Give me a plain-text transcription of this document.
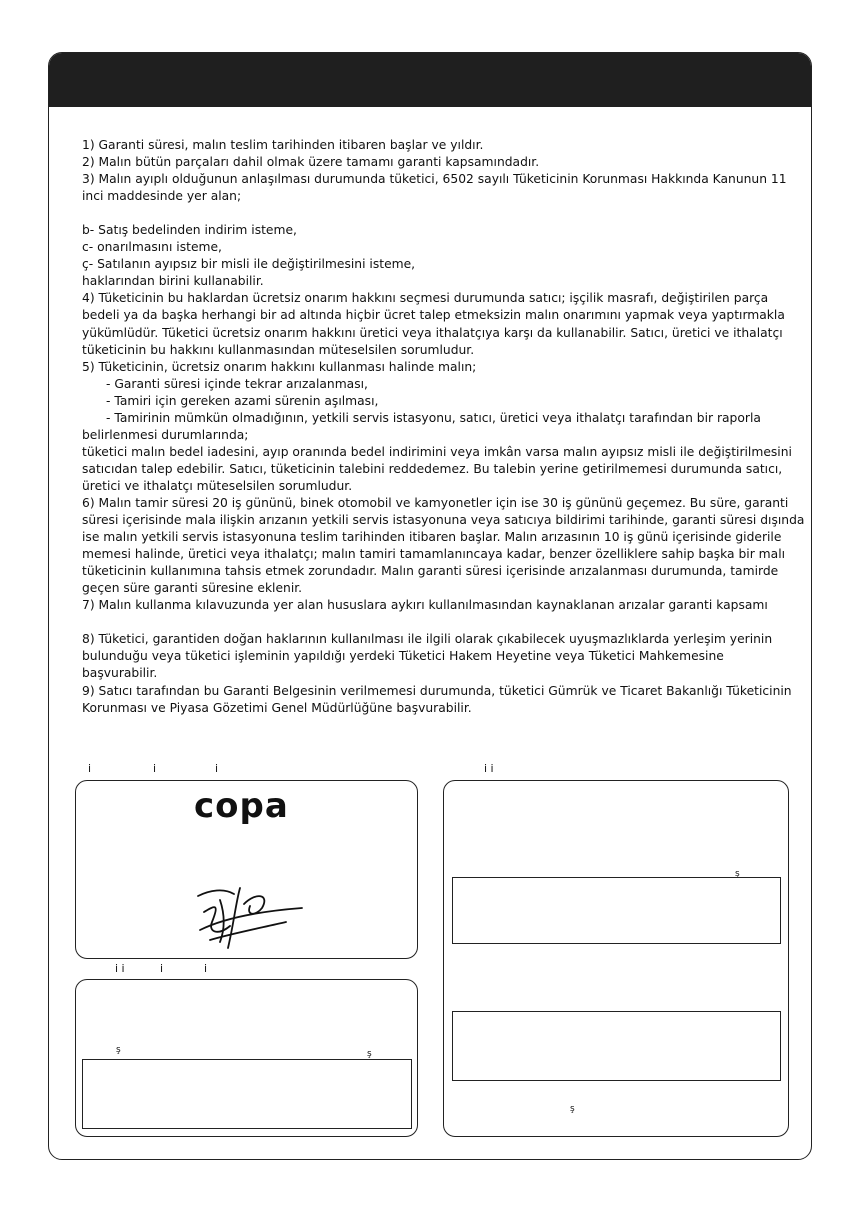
1) Garanti süresi, malın teslim tarihinden itibaren başlar ve yıldır.

2) Malın bütün parçaları dahil olmak üzere tamamı garanti kapsamındadır.

3) Malın ayıplı olduğunun anlaşılması durumunda tüketici, 6502 sayılı Tüketicinin Korunması Hakkında Kanunun 11

inci maddesinde yer alan;

b- Satış bedelinden indirim isteme,

c- onarılmasını isteme,

ç- Satılanın ayıpsız bir misli ile değiştirilmesini isteme,

haklarından birini kullanabilir.

4) Tüketicinin bu haklardan ücretsiz onarım hakkını seçmesi durumunda satıcı; işçilik masrafı, değiştirilen parça

bedeli ya da başka herhangi bir ad altında hiçbir ücret talep etmeksizin malın onarımını yapmak veya yaptırmakla

yükümlüdür. Tüketici ücretsiz onarım hakkını üretici veya ithalatçıya karşı da kullanabilir. Satıcı, üretici ve ithalatçı

tüketicinin bu hakkını kullanmasından müteselsilen sorumludur.

5) Tüketicinin, ücretsiz onarım hakkını kullanması halinde malın;

- Garanti süresi içinde tekrar arızalanması,

- Tamiri için gereken azami sürenin aşılması,

- Tamirinin mümkün olmadığının, yetkili servis istasyonu, satıcı, üretici veya ithalatçı tarafından bir raporla

belirlenmesi durumlarında;

tüketici malın bedel iadesini, ayıp oranında bedel indirimini veya imkân varsa malın ayıpsız misli ile değiştirilmesini

satıcıdan talep edebilir. Satıcı, tüketicinin talebini reddedemez. Bu talebin yerine getirilmemesi durumunda satıcı,

üretici ve ithalatçı müteselsilen sorumludur.

6) Malın tamir süresi 20 iş gününü, binek otomobil ve kamyonetler için ise 30 iş gününü geçemez. Bu süre, garanti

süresi içerisinde mala ilişkin arızanın yetkili servis istasyonuna veya satıcıya bildirimi tarihinde, garanti süresi dışında

ise malın yetkili servis istasyonuna teslim tarihinden itibaren başlar. Malın arızasının 10 iş günü içerisinde giderile

memesi halinde, üretici veya ithalatçı; malın tamiri tamamlanıncaya kadar, benzer özelliklere sahip başka bir malı

tüketicinin kullanımına tahsis etmek zorundadır. Malın garanti süresi içerisinde arızalanması durumunda, tamirde

geçen süre garanti süresine eklenir.

7) Malın kullanma kılavuzunda yer alan hususlara aykırı kullanılmasından kaynaklanan arızalar garanti kapsamı

8) Tüketici, garantiden doğan haklarının kullanılması ile ilgili olarak çıkabilecek uyuşmazlıklarda yerleşim yerinin

bulunduğu veya tüketici işleminin yapıldığı yerdeki Tüketici Hakem Heyetine veya Tüketici Mahkemesine

başvurabilir.

9) Satıcı tarafından bu Garanti Belgesinin verilmemesi durumunda, tüketici Gümrük ve Ticaret Bakanlığı Tüketicinin

Korunması ve Piyasa Gözetimi Genel Müdürlüğüne başvurabilir.

i	i	i
copa
i i	i	i
ş	ş
i i
ş
ş
